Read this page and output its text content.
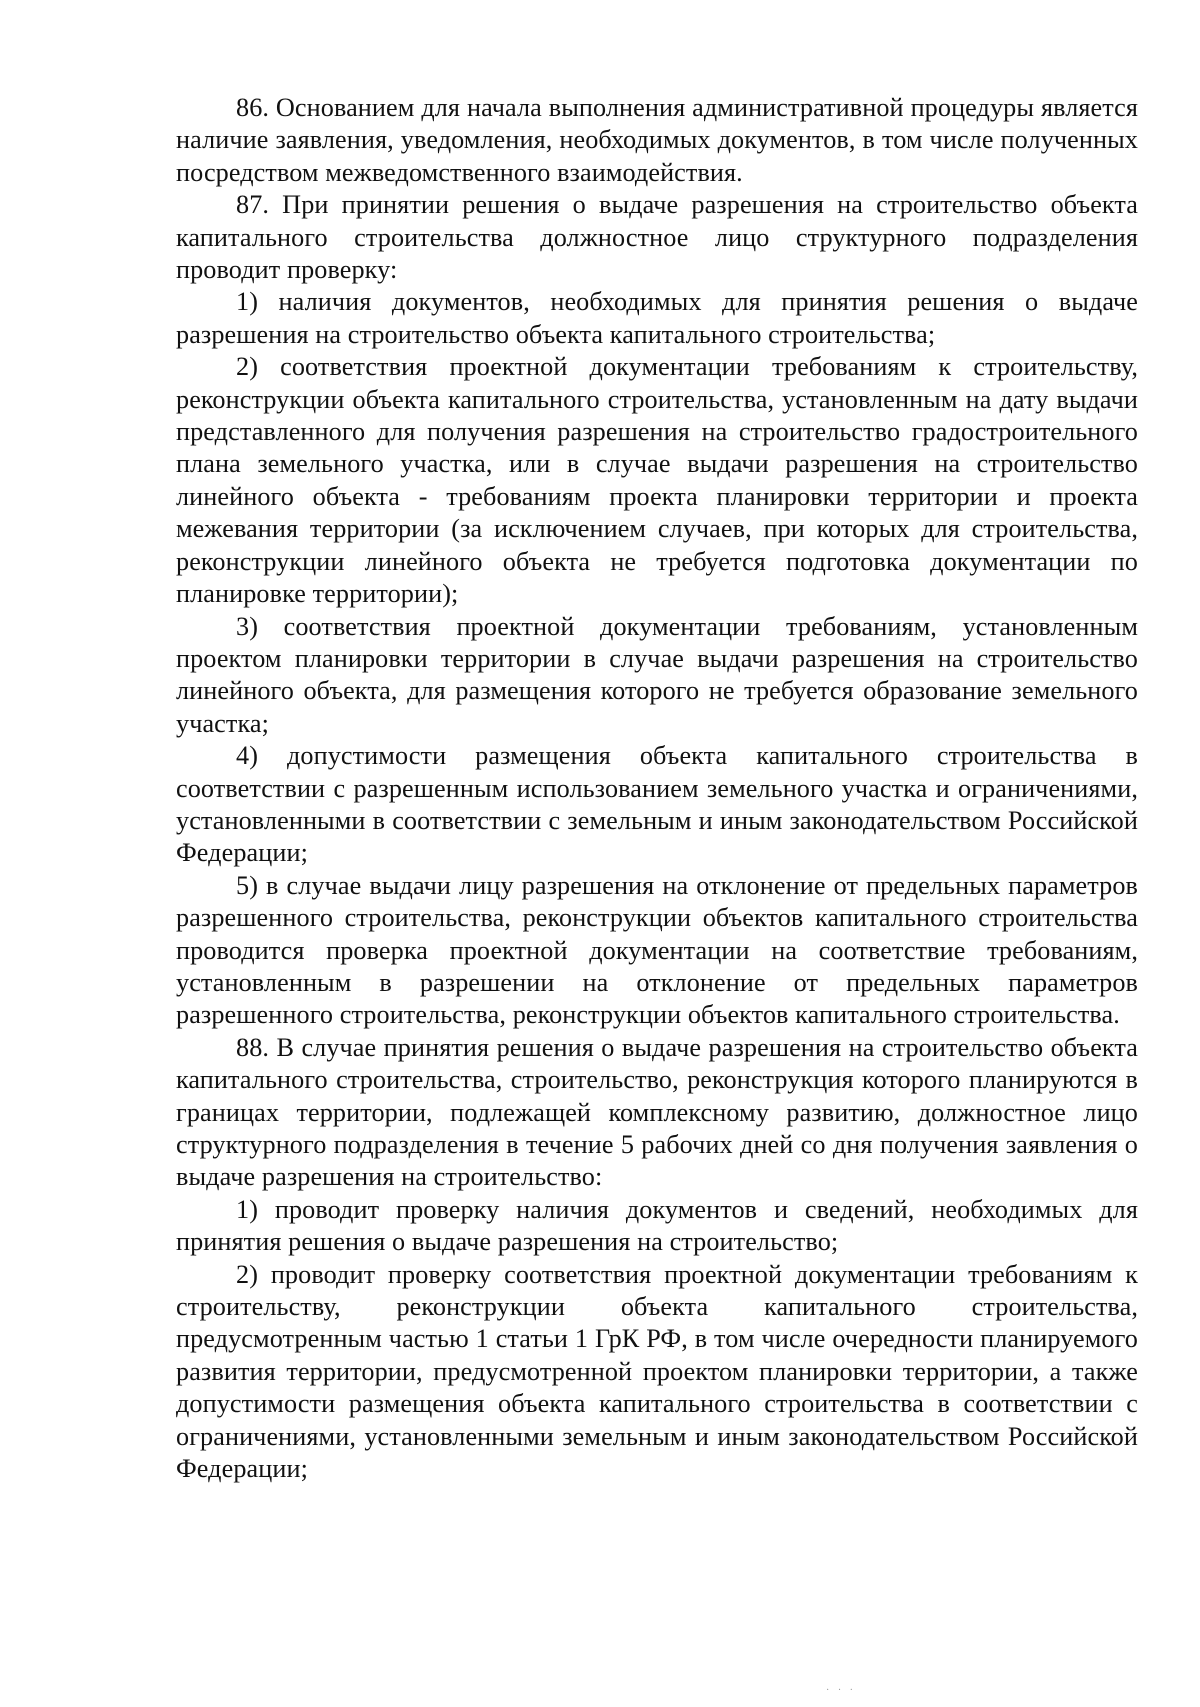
86. Основанием для начала выполнения административной процедуры является наличие заявления, уведомления, необходимых документов, в том числе полученных посредством межведомственного взаимодействия.

87. При принятии решения о выдаче разрешения на строительство объекта капитального строительства должностное лицо структурного подразделения проводит проверку:

1) наличия документов, необходимых для принятия решения о выдаче разрешения на строительство объекта капитального строительства;

2) соответствия проектной документации требованиям к строительству, реконструкции объекта капитального строительства, установленным на дату выдачи представленного для получения разрешения на строительство градостроительного плана земельного участка, или в случае выдачи разрешения на строительство линейного объекта - требованиям проекта планировки территории и проекта межевания территории (за исключением случаев, при которых для строительства, реконструкции линейного объекта не требуется подготовка документации по планировке территории);

3) соответствия проектной документации требованиям, установленным проектом планировки территории в случае выдачи разрешения на строительство линейного объекта, для размещения которого не требуется образование земельного участка;

4) допустимости размещения объекта капитального строительства в соответствии с разрешенным использованием земельного участка и ограничениями, установленными в соответствии с земельным и иным законодательством Российской Федерации;

5) в случае выдачи лицу разрешения на отклонение от предельных параметров разрешенного строительства, реконструкции объектов капитального строительства проводится проверка проектной документации на соответствие требованиям, установленным в разрешении на отклонение от предельных параметров разрешенного строительства, реконструкции объектов капитального строительства.

88. В случае принятия решения о выдаче разрешения на строительство объекта капитального строительства, строительство, реконструкция которого планируются в границах территории, подлежащей комплексному развитию, должностное лицо структурного подразделения в течение 5 рабочих дней со дня получения заявления о выдаче разрешения на строительство:

1) проводит проверку наличия документов и сведений, необходимых для принятия решения о выдаче разрешения на строительство;

2) проводит проверку соответствия проектной документации требованиям к строительству, реконструкции объекта капитального строительства, предусмотренным частью 1 статьи 1 ГрК РФ, в том числе очередности планируемого развития территории, предусмотренной проектом планировки территории, а также допустимости размещения объекта капитального строительства в соответствии с ограничениями, установленными земельным и иным законодательством Российской Федерации;

· · ·
